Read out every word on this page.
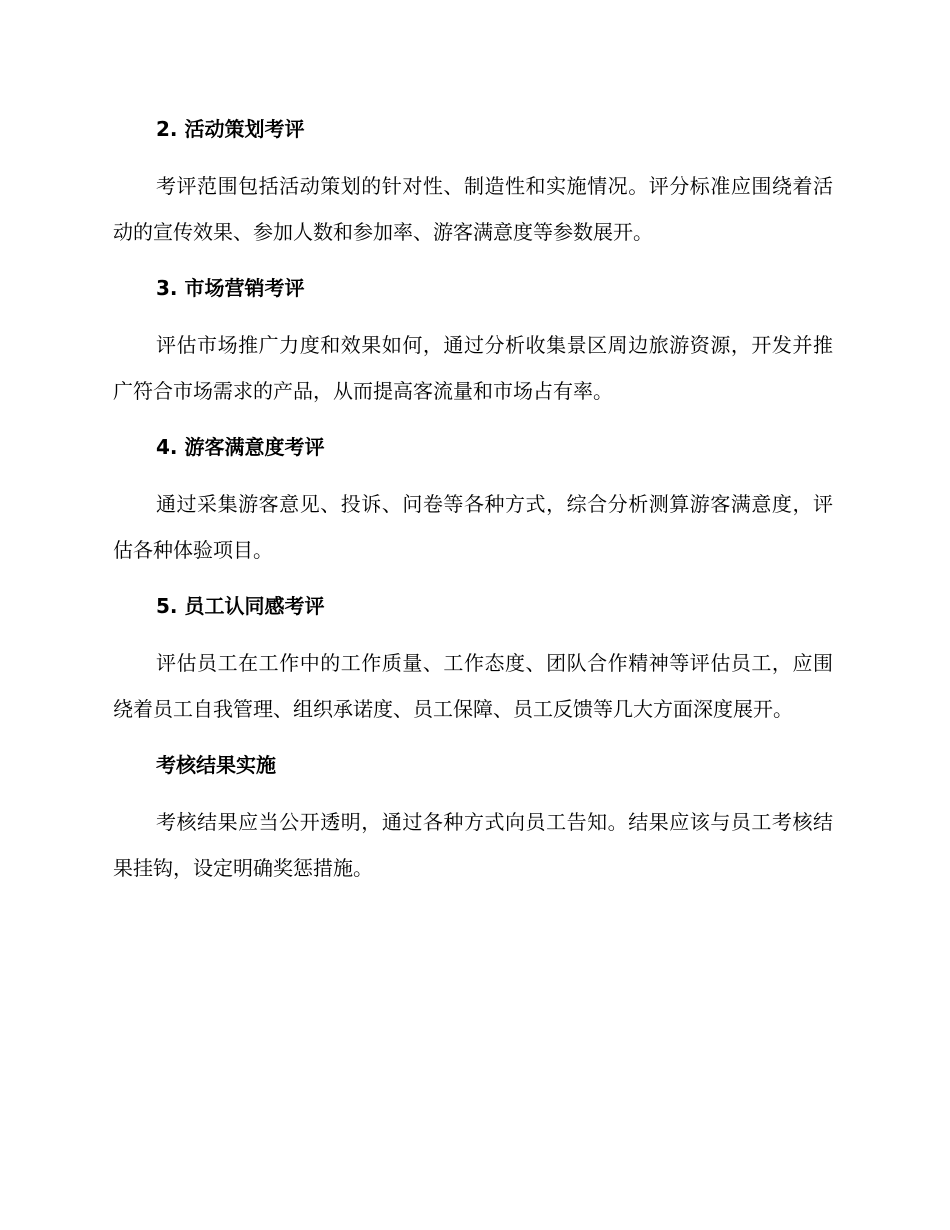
2. 活动策划考评

考评范围包括活动策划的针对性、制造性和实施情况。评分标准应围绕着活动的宣传效果、参加人数和参加率、游客满意度等参数展开。

3. 市场营销考评

评估市场推广力度和效果如何，通过分析收集景区周边旅游资源，开发并推广符合市场需求的产品，从而提高客流量和市场占有率。

4. 游客满意度考评

通过采集游客意见、投诉、问卷等各种方式，综合分析测算游客满意度，评估各种体验项目。

5. 员工认同感考评

评估员工在工作中的工作质量、工作态度、团队合作精神等评估员工，应围绕着员工自我管理、组织承诺度、员工保障、员工反馈等几大方面深度展开。

考核结果实施

考核结果应当公开透明，通过各种方式向员工告知。结果应该与员工考核结果挂钩，设定明确奖惩措施。
